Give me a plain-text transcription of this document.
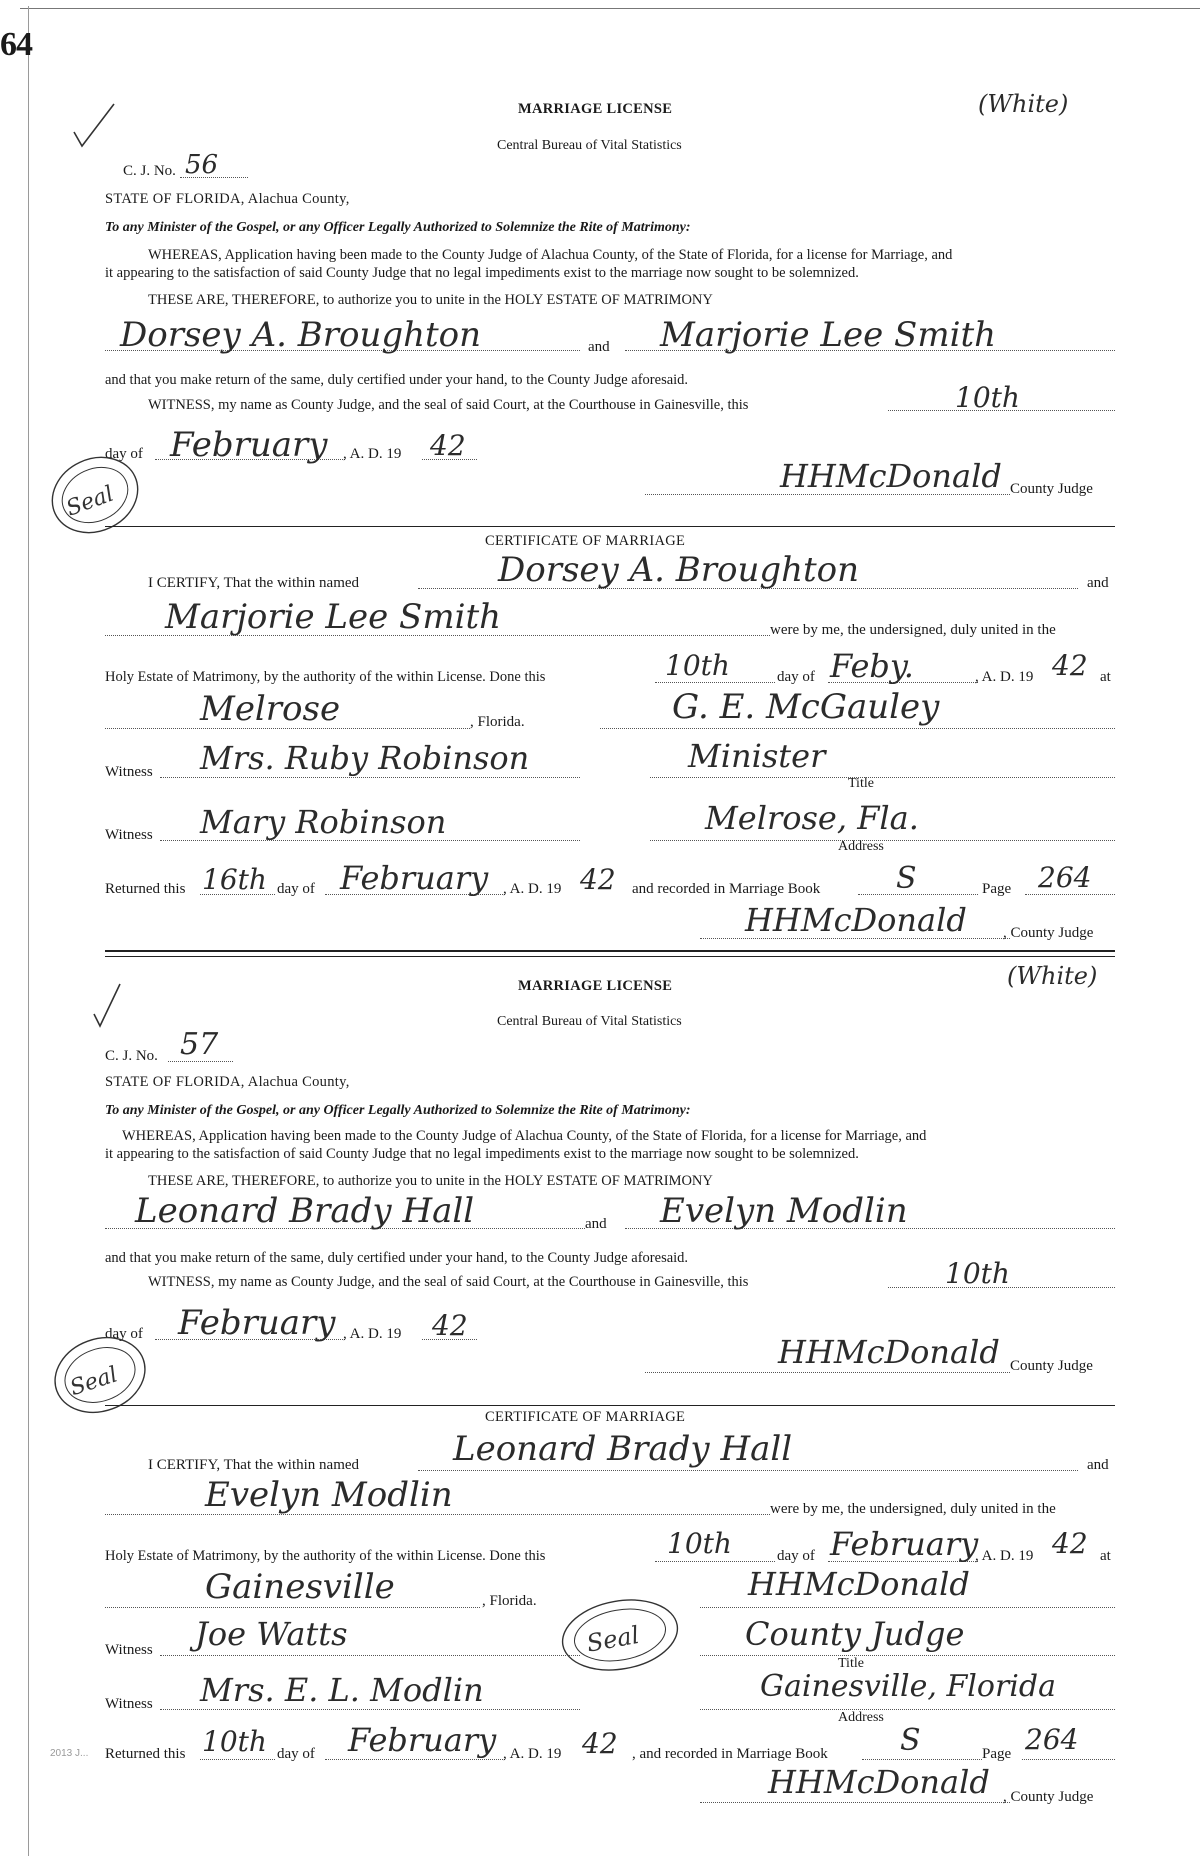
64
MARRIAGE LICENSE	(White)
Central Bureau of Vital Statistics
C. J. No. 56
STATE OF FLORIDA, Alachua County,
To any Minister of the Gospel, or any Officer Legally Authorized to Solemnize the Rite of Matrimony:
WHEREAS, Application having been made to the County Judge of Alachua County, of the State of Florida, for a license for Marriage, and
it appearing to the satisfaction of said County Judge that no legal impediments exist to the marriage now sought to be solemnized.
THESE ARE, THEREFORE, to authorize you to unite in the HOLY ESTATE OF MATRIMONY
Dorsey A. Broughton	and Marjorie Lee Smith
and that you make return of the same, duly certified under your hand, to the County Judge aforesaid.
WITNESS, my name as County Judge, and the seal of said Court, at the Courthouse in Gainesville, this	10th
day of February , A. D. 19 42
HHMcDonald County Judge
Seal
CERTIFICATE OF MARRIAGE
I CERTIFY, That the within named	Dorsey A. Broughton	and
Marjorie Lee Smith	were by me, the undersigned, duly united in the
Holy Estate of Matrimony, by the authority of the within License. Done this	10th	day of Feby.	, A. D. 19 42 at
Melrose	, Florida.	G. E. McGauley
Witness Mrs. Ruby Robinson	Minister
Title
Witness Mary Robinson	Melrose, Fla.
Address
Returned this 16th day of February , A. D. 19 42 and recorded in Marriage Book	S	Page 264
HHMcDonald , County Judge
MARRIAGE LICENSE	(White)
Central Bureau of Vital Statistics
C. J. No. 57
STATE OF FLORIDA, Alachua County,
To any Minister of the Gospel, or any Officer Legally Authorized to Solemnize the Rite of Matrimony:
WHEREAS, Application having been made to the County Judge of Alachua County, of the State of Florida, for a license for Marriage, and
it appearing to the satisfaction of said County Judge that no legal impediments exist to the marriage now sought to be solemnized.
THESE ARE, THEREFORE, to authorize you to unite in the HOLY ESTATE OF MATRIMONY
Leonard Brady Hall	and Evelyn Modlin
and that you make return of the same, duly certified under your hand, to the County Judge aforesaid.
WITNESS, my name as County Judge, and the seal of said Court, at the Courthouse in Gainesville, this	10th
day of February , A. D. 19 42
HHMcDonald County Judge
Seal
CERTIFICATE OF MARRIAGE
I CERTIFY, That the within named	Leonard Brady Hall	and
Evelyn Modlin	were by me, the undersigned, duly united in the
Holy Estate of Matrimony, by the authority of the within License. Done this	10th	day of February
, A. D. 19 42 at
Gainesville	, Florida.	HHMcDonald
Seal
Witness Joe Watts	County Judge
Title
Witness Mrs. E. L. Modlin	Gainesville, Florida
Address
Returned this 10th day of February , A. D. 19 42 , and recorded in Marriage Book S	Page 264
HHMcDonald , County Judge
2013 J...
